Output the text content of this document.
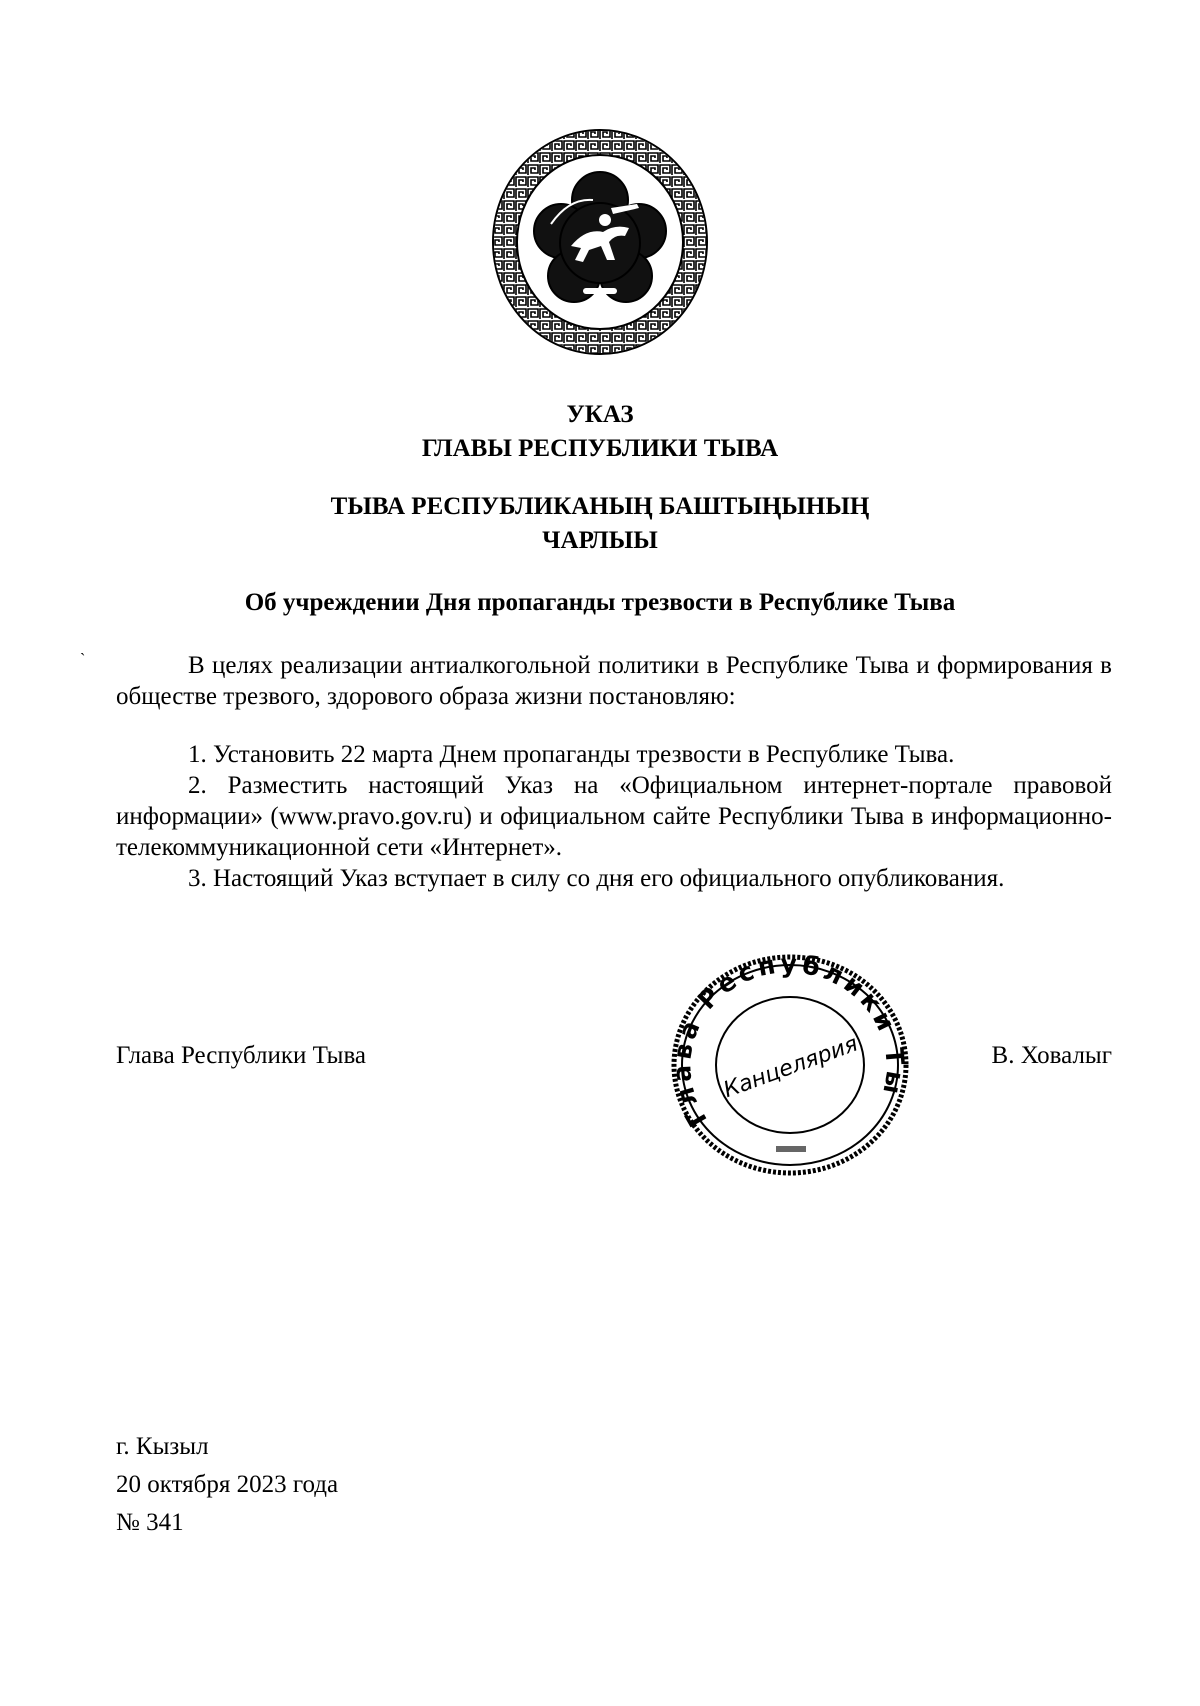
УКАЗ
ГЛАВЫ РЕСПУБЛИКИ ТЫВА
ТЫВА РЕСПУБЛИКАНЫҢ БАШТЫҢЫНЫҢ
ЧАРЛЫЫ
Об учреждении Дня пропаганды трезвости в Республике Тыва
ˏ

В целях реализации антиалкогольной политики в Республике Тыва и формирования в обществе трезвого, здорового образа жизни постановляю:

1. Установить 22 марта Днем пропаганды трезвости в Республике Тыва.

2. Разместить настоящий Указ на «Официальном интернет-портале правовой информации» (www.pravo.gov.ru) и официальном сайте Республики Тыва в информационно-телекоммуникационной сети «Интернет».

3. Настоящий Указ вступает в силу со дня его официального опубликования.

Глава Республики Тыва
Глава Республики Ты
Канцелярия	В. Ховалыг
г. Кызыл
20 октября 2023 года
№ 341
